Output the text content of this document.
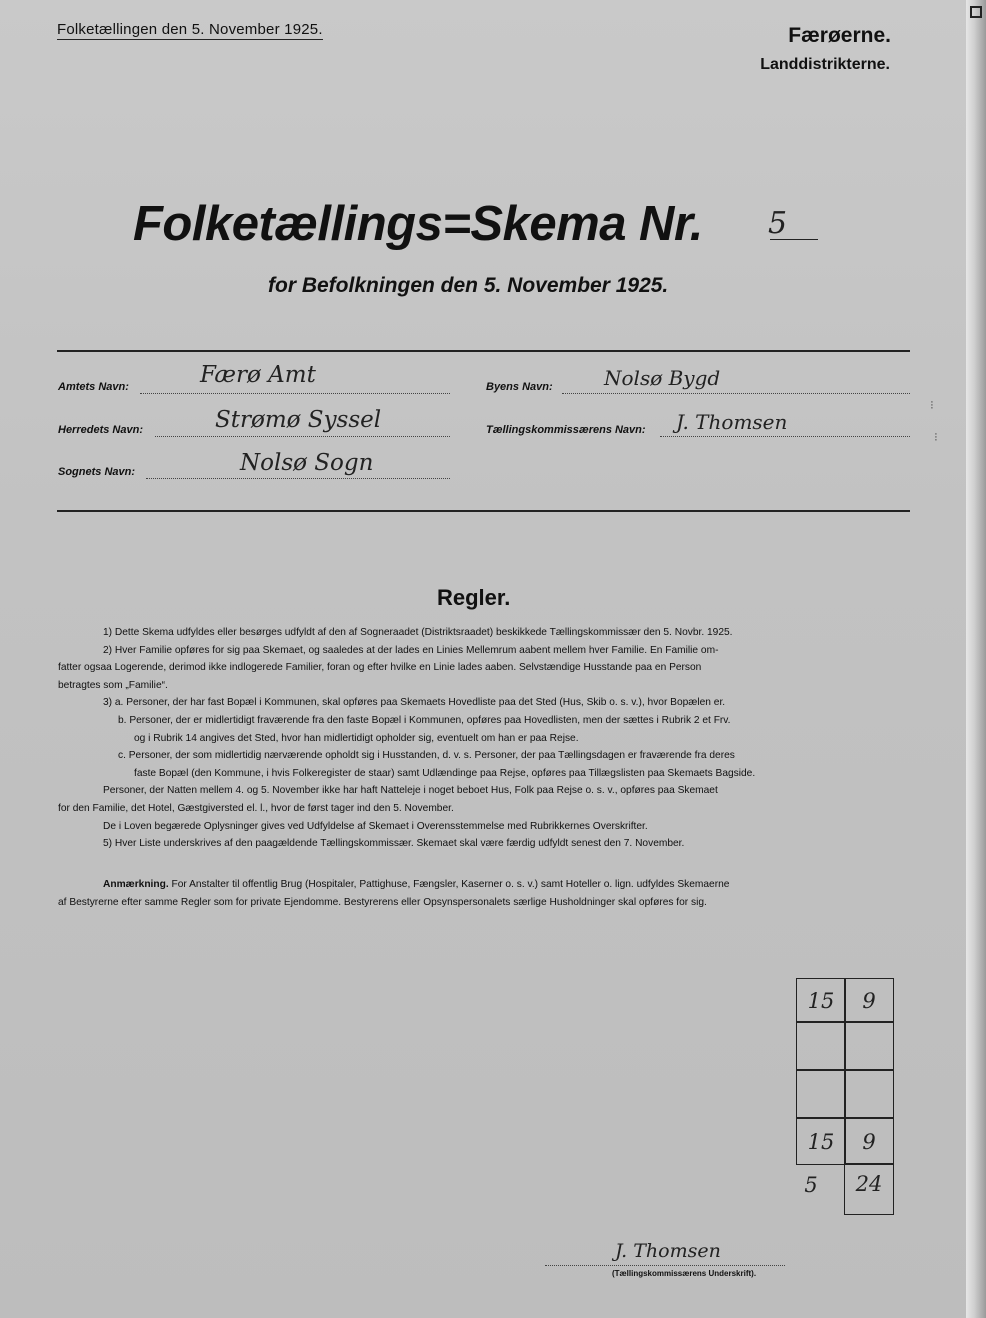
Folketællingen den 5. November 1925.	Færøerne.
Landdistrikterne.
Folketællings=Skema Nr. 5
for Befolkningen den 5. November 1925.
Amtets Navn:	Færø Amt
Herredets Navn:	Strømø Syssel
Sognets Navn:	Nolsø Sogn
Byens Navn:	Nolsø Bygd
Tællingskommissærens Navn: J. Thomsen
Regler.
1) Dette Skema udfyldes eller besørges udfyldt af den af Sogneraadet (Distriktsraadet) beskikkede Tællingskommissær den 5. Novbr. 1925.
2) Hver Familie opføres for sig paa Skemaet, og saaledes at der lades en Linies Mellemrum aabent mellem hver Familie. En Familie om-
fatter ogsaa Logerende, derimod ikke indlogerede Familier, foran og efter hvilke en Linie lades aaben. Selvstændige Husstande paa en Person
betragtes som „Familie“.
3) a. Personer, der har fast Bopæl i Kommunen, skal opføres paa Skemaets Hovedliste paa det Sted (Hus, Skib o. s. v.), hvor Bopælen er.
b. Personer, der er midlertidigt fraværende fra den faste Bopæl i Kommunen, opføres paa Hovedlisten, men der sættes i Rubrik 2 et Frv.
og i Rubrik 14 angives det Sted, hvor han midlertidigt opholder sig, eventuelt om han er paa Rejse.
c. Personer, der som midlertidig nærværende opholdt sig i Husstanden, d. v. s. Personer, der paa Tællingsdagen er fraværende fra deres
faste Bopæl (den Kommune, i hvis Folkeregister de staar) samt Udlændinge paa Rejse, opføres paa Tillægslisten paa Skemaets Bagside.
Personer, der Natten mellem 4. og 5. November ikke har haft Natteleje i noget beboet Hus, Folk paa Rejse o. s. v., opføres paa Skemaet
for den Familie, det Hotel, Gæstgiversted el. l., hvor de først tager ind den 5. November.
De i Loven begærede Oplysninger gives ved Udfyldelse af Skemaet i Overensstemmelse med Rubrikkernes Overskrifter.
5) Hver Liste underskrives af den paagældende Tællingskommissær. Skemaet skal være færdig udfyldt senest den 7. November.
Anmærkning. For Anstalter til offentlig Brug (Hospitaler, Pattighuse, Fængsler, Kaserner o. s. v.) samt Hoteller o. lign. udfyldes Skemaerne
af Bestyrerne efter samme Regler som for private Ejendomme. Bestyrerens eller Opsynspersonalets særlige Husholdninger skal opføres for sig.
15	9
15	9
5	24
J. Thomsen
(Tællingskommissærens Underskrift).
⁝
⁝
